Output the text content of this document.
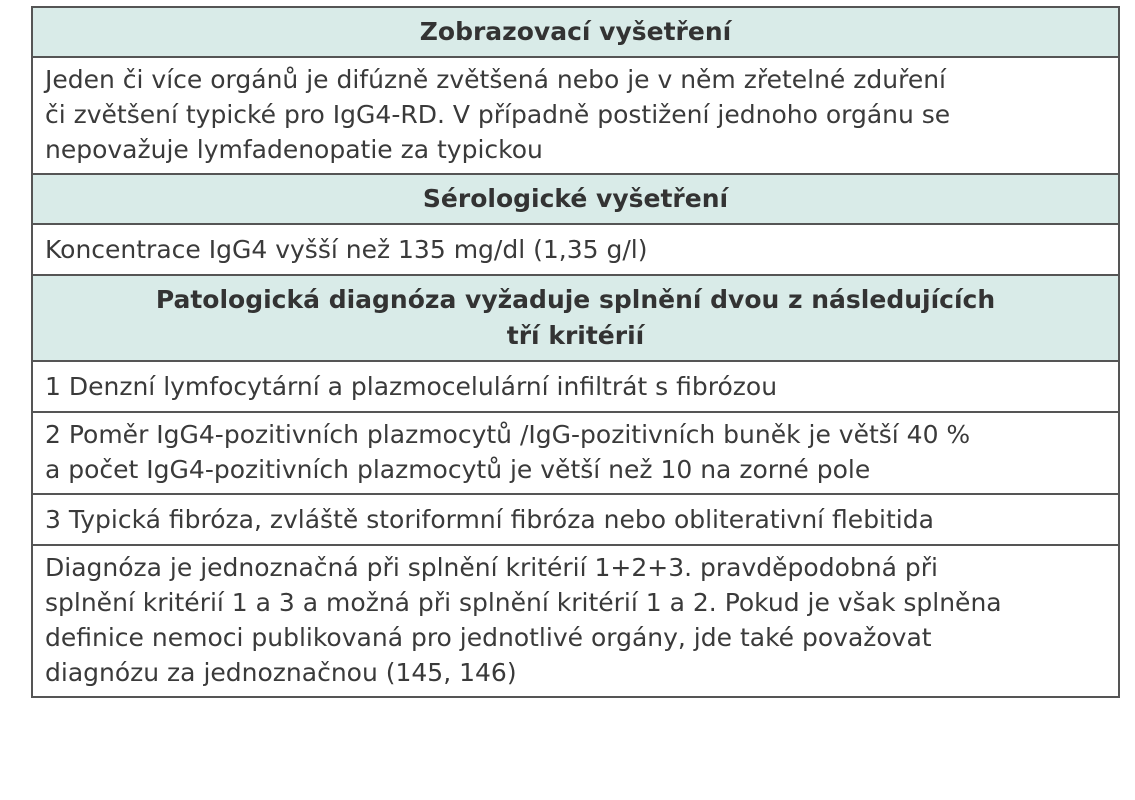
Zobrazovací vyšetření
Jeden či více orgánů je difúzně zvětšená nebo je v něm zřetelné zduření
či zvětšení typické pro IgG4-RD. V případně postižení jednoho orgánu se
nepovažuje lymfadenopatie za typickou
Sérologické vyšetření
Koncentrace IgG4 vyšší než 135 mg/dl (1,35 g/l)
Patologická diagnóza vyžaduje splnění dvou z následujících
tří kritérií
1 Denzní lymfocytární a plazmocelulární infiltrát s fibrózou
2 Poměr IgG4-pozitivních plazmocytů /IgG-pozitivních buněk je větší 40 %
a počet IgG4-pozitivních plazmocytů je větší než 10 na zorné pole
3 Typická fibróza, zvláště storiformní fibróza nebo obliterativní flebitida
Diagnóza je jednoznačná při splnění kritérií 1+2+3. pravděpodobná při
splnění kritérií 1 a 3 a možná při splnění kritérií 1 a 2. Pokud je však splněna
definice nemoci publikovaná pro jednotlivé orgány, jde také považovat
diagnózu za jednoznačnou (145, 146)
